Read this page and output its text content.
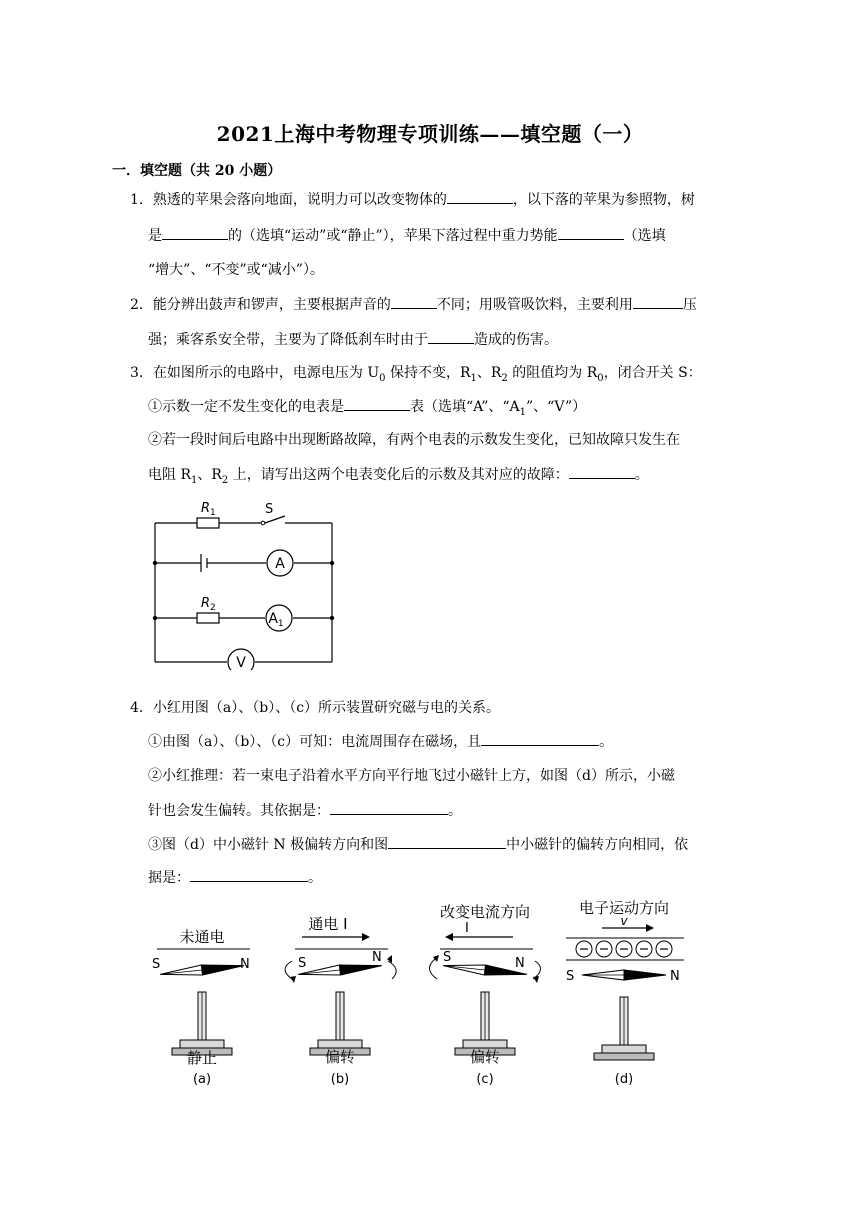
2021上海中考物理专项训练——填空题（一）
一．填空题（共 20 小题）
1．熟透的苹果会落向地面，说明力可以改变物体的	，以下落的苹果为参照物，树
是	的（选填“运动”或“静止”），苹果下落过程中重力势能	（选填
“增大”、“不变”或“减小”）。
2．能分辨出鼓声和锣声，主要根据声音的	不同；用吸管吸饮料，主要利用	压
强；乘客系安全带，主要为了降低刹车时由于	造成的伤害。
3．在如图所示的电路中，电源电压为 $U_0$ 保持不变，$R_1$、$R_2$ 的阻值均为 $R_0$，闭合开关 S：
①示数一定不发生变化的电表是	表（选填“A”、“$A_1$”、“V”）
②若一段时间后电路中出现断路故障，有两个电表的示数发生变化，已知故障只发生在
电阻 $R_1$、$R_2$ 上，请写出这两个电表变化后的示数及其对应的故障：	。
A
$A_1$
V
$R_1$	S
$R_2$
4．小红用图（a）、（b）、（c）所示装置研究磁与电的关系。
①由图（a）、（b）、（c）可知：电流周围存在磁场，且	。
②小红推理：若一束电子沿着水平方向平行地飞过小磁针上方，如图（d）所示，小磁
针也会发生偏转。其依据是：	。
③图（d）中小磁针 N 极偏转方向和图	中小磁针的偏转方向相同，依
据是：	。
未通电
S	N
静止
(a)
通电 I
S	N
偏转
(b)
改变电流方向
I
S	N
偏转
(c)
电子运动方向
v
S	N
(d)
